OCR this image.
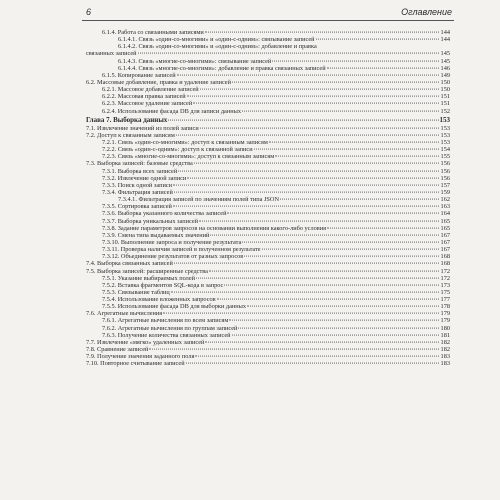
6	Оглавление
6.1.4. Работа со связанными записями	144
6.1.4.1. Связь «один-со-многими» и «один-с-одним»: связывание записей	144
6.1.4.2. Связь «один-со-многими» и «один-с-одним»: добавление и правка
связанных записей	145
6.1.4.3. Связь «многие-со-многими»: связывание записей	145
6.1.4.4. Связь «многие-со-многими»: добавление и правка связанных записей	146
6.1.5. Копирование записей	149
6.2. Массовые добавление, правка и удаление записей	150
6.2.1. Массовое добавление записей	150
6.2.2. Массовая правка записей	151
6.2.3. Массовое удаление записей	151
6.2.4. Использование фасада DB для записи данных	152
Глава 7. Выборка данных	153
7.1. Извлечение значений из полей записи	153
7.2. Доступ к связанным записям	153
7.2.1. Связь «один-со-многими»: доступ к связанным записям	153
7.2.2. Связь «один-с-одним»: доступ к связанной записи	154
7.2.3. Связь «многие-со-многими»: доступ к связанным записям	155
7.3. Выборка записей: базовые средства	156
7.3.1. Выборка всех записей	156
7.3.2. Извлечение одной записи	156
7.3.3. Поиск одной записи	157
7.3.4. Фильтрация записей	159
7.3.4.1. Фильтрация записей по значениям полей типа JSON	162
7.3.5. Сортировка записей	163
7.3.6. Выборка указанного количества записей	164
7.3.7. Выборка уникальных записей	165
7.3.8. Задание параметров запросов на основании выполнения какого-либо условия	165
7.3.9. Смена типа выдаваемых значений	167
7.3.10. Выполнение запроса и получение результата	167
7.3.11. Проверка наличия записей в полученном результате	167
7.3.12. Объединение результатов от разных запросов	168
7.4. Выборка связанных записей	168
7.5. Выборка записей: расширенные средства	172
7.5.1. Указание выбираемых полей	172
7.5.2. Вставка фрагментов SQL-кода в запрос	173
7.5.3. Связывание таблиц	175
7.5.4. Использование вложенных запросов	177
7.5.5. Использование фасада DB для выборки данных	178
7.6. Агрегатные вычисления	179
7.6.1. Агрегатные вычисления по всем записям	179
7.6.2. Агрегатные вычисления по группам записей	180
7.6.3. Получение количества связанных записей	181
7.7. Извлечение «мягко» удаленных записей	182
7.8. Сравнение записей	182
7.9. Получение значения заданного поля	183
7.10. Повторное считывание записей	183
